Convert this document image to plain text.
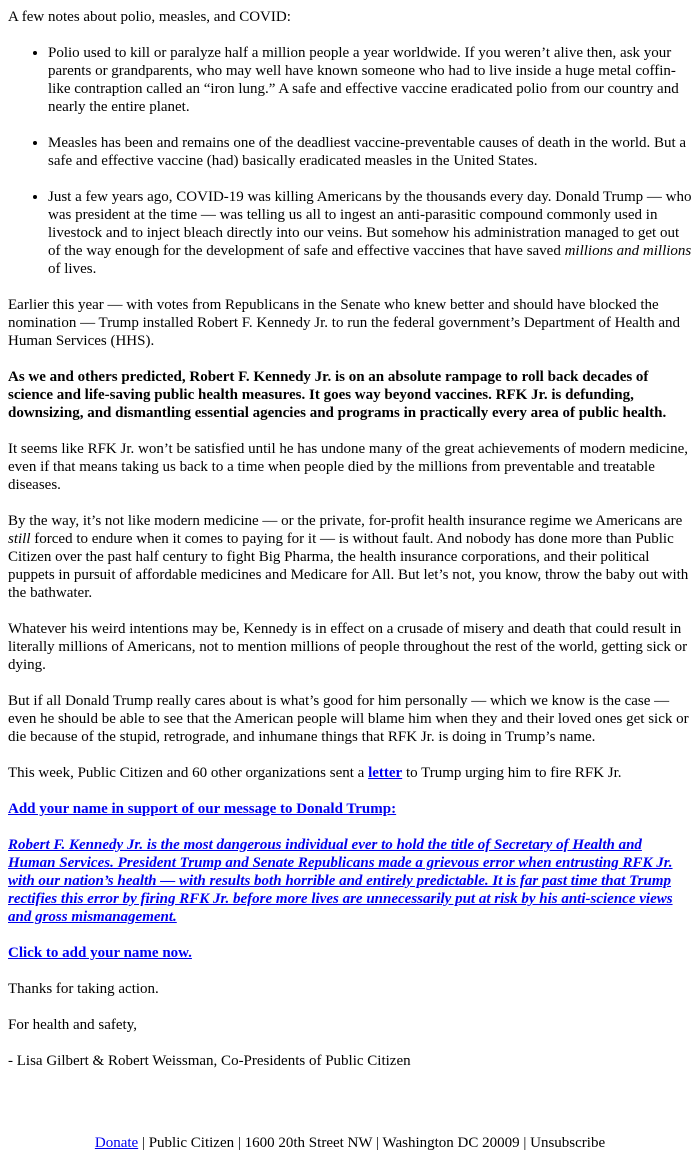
A few notes about polio, measles, and COVID:

• Polio used to kill or paralyze half a million people a year worldwide. If you weren’t alive then, ask your parents or grandparents, who may well have known someone who had to live inside a huge metal coffin-like contraption called an “iron lung.” A safe and effective vaccine eradicated polio from our country and nearly the entire planet.
• Measles has been and remains one of the deadliest vaccine-preventable causes of death in the world. But a safe and effective vaccine (had) basically eradicated measles in the United States.
• Just a few years ago, COVID-19 was killing Americans by the thousands every day. Donald Trump — who was president at the time — was telling us all to ingest an anti-parasitic compound commonly used in livestock and to inject bleach directly into our veins. But somehow his administration managed to get out of the way enough for the development of safe and effective vaccines that have saved millions and millions of lives.

Earlier this year — with votes from Republicans in the Senate who knew better and should have blocked the nomination — Trump installed Robert F. Kennedy Jr. to run the federal government’s Department of Health and Human Services (HHS).

As we and others predicted, Robert F. Kennedy Jr. is on an absolute rampage to roll back decades of science and life-saving public health measures. It goes way beyond vaccines. RFK Jr. is defunding, downsizing, and dismantling essential agencies and programs in practically every area of public health.

It seems like RFK Jr. won’t be satisfied until he has undone many of the great achievements of modern medicine, even if that means taking us back to a time when people died by the millions from preventable and treatable diseases.

By the way, it’s not like modern medicine — or the private, for-profit health insurance regime we Americans are still forced to endure when it comes to paying for it — is without fault. And nobody has done more than Public Citizen over the past half century to fight Big Pharma, the health insurance corporations, and their political puppets in pursuit of affordable medicines and Medicare for All. But let’s not, you know, throw the baby out with the bathwater.

Whatever his weird intentions may be, Kennedy is in effect on a crusade of misery and death that could result in literally millions of Americans, not to mention millions of people throughout the rest of the world, getting sick or dying.

But if all Donald Trump really cares about is what’s good for him personally — which we know is the case — even he should be able to see that the American people will blame him when they and their loved ones get sick or die because of the stupid, retrograde, and inhumane things that RFK Jr. is doing in Trump’s name.

This week, Public Citizen and 60 other organizations sent a letter to Trump urging him to fire RFK Jr.

Add your name in support of our message to Donald Trump:

Robert F. Kennedy Jr. is the most dangerous individual ever to hold the title of Secretary of Health and Human Services. President Trump and Senate Republicans made a grievous error when entrusting RFK Jr. with our nation’s health — with results both horrible and entirely predictable. It is far past time that Trump rectifies this error by firing RFK Jr. before more lives are unnecessarily put at risk by his anti-science views and gross mismanagement.

Click to add your name now.

Thanks for taking action.

For health and safety,

- Lisa Gilbert & Robert Weissman, Co-Presidents of Public Citizen

Donate | Public Citizen | 1600 20th Street NW | Washington DC 20009 | Unsubscribe
